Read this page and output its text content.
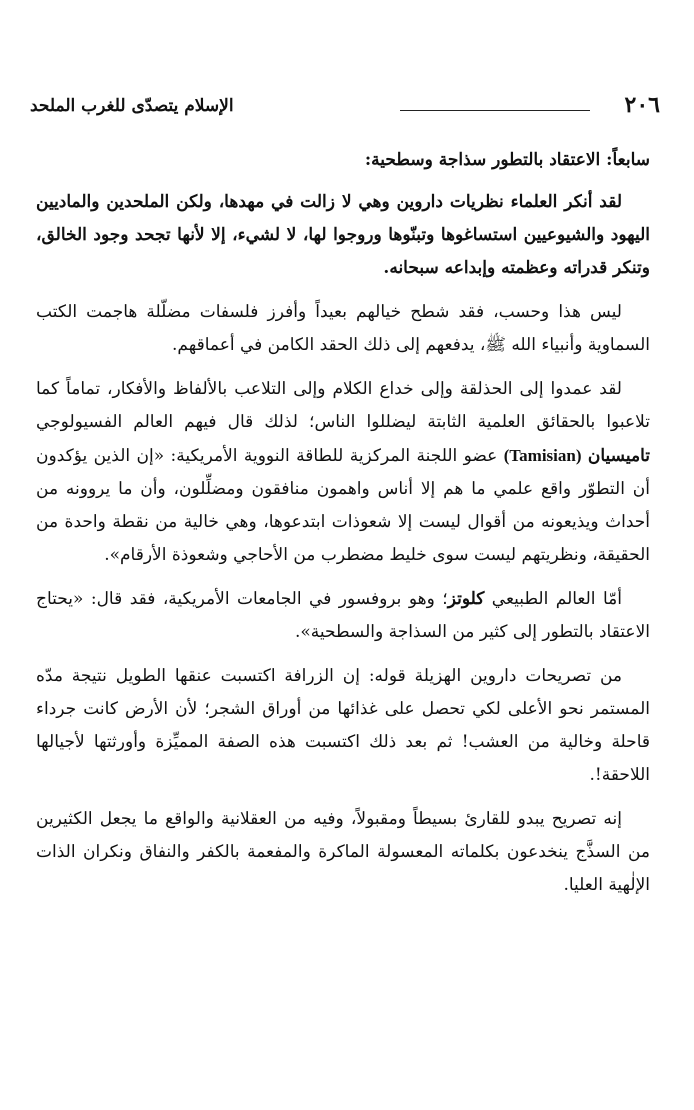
٢٠٦
الإسلام يتصدّى للغرب الملحد
سابعاً: الاعتقاد بالتطور سذاجة وسطحية:

لقد أنكر العلماء نظريات داروين وهي لا زالت في مهدها، ولكن الملحدين والماديين اليهود والشيوعيين استساغوها وتبنّوها وروجوا لها، لا لشيء، إلا لأنها تجحد وجود الخالق، وتنكر قدراته وعظمته وإبداعه سبحانه.

ليس هذا وحسب، فقد شطح خيالهم بعيداً وأفرز فلسفات مضلّلة هاجمت الكتب السماوية وأنبياء الله ﷺ، يدفعهم إلى ذلك الحقد الكامن في أعماقهم.

لقد عمدوا إلى الحذلقة وإلى خداع الكلام وإلى التلاعب بالألفاظ والأفكار، تماماً كما تلاعبوا بالحقائق العلمية الثابتة ليضللوا الناس؛ لذلك قال فيهم العالم الفسيولوجي تاميسيان (Tamisian) عضو اللجنة المركزية للطاقة النووية الأمريكية: «إن الذين يؤكدون أن التطوّر واقع علمي ما هم إلا أناس واهمون منافقون ومضلِّلون، وأن ما يروونه من أحداث ويذيعونه من أقوال ليست إلا شعوذات ابتدعوها، وهي خالية من نقطة واحدة من الحقيقة، ونظريتهم ليست سوى خليط مضطرب من الأحاجي وشعوذة الأرقام».

أمّا العالم الطبيعي كلوتز؛ وهو بروفسور في الجامعات الأمريكية، فقد قال: «يحتاج الاعتقاد بالتطور إلى كثير من السذاجة والسطحية».

من تصريحات داروين الهزيلة قوله: إن الزرافة اكتسبت عنقها الطويل نتيجة مدّه المستمر نحو الأعلى لكي تحصل على غذائها من أوراق الشجر؛ لأن الأرض كانت جرداء قاحلة وخالية من العشب! ثم بعد ذلك اكتسبت هذه الصفة المميِّزة وأورثتها لأجيالها اللاحقة!.

إنه تصريح يبدو للقارئ بسيطاً ومقبولاً، وفيه من العقلانية والواقع ما يجعل الكثيرين من السذَّج ينخدعون بكلماته المعسولة الماكرة والمفعمة بالكفر والنفاق ونكران الذات الإلٰهية العليا.
